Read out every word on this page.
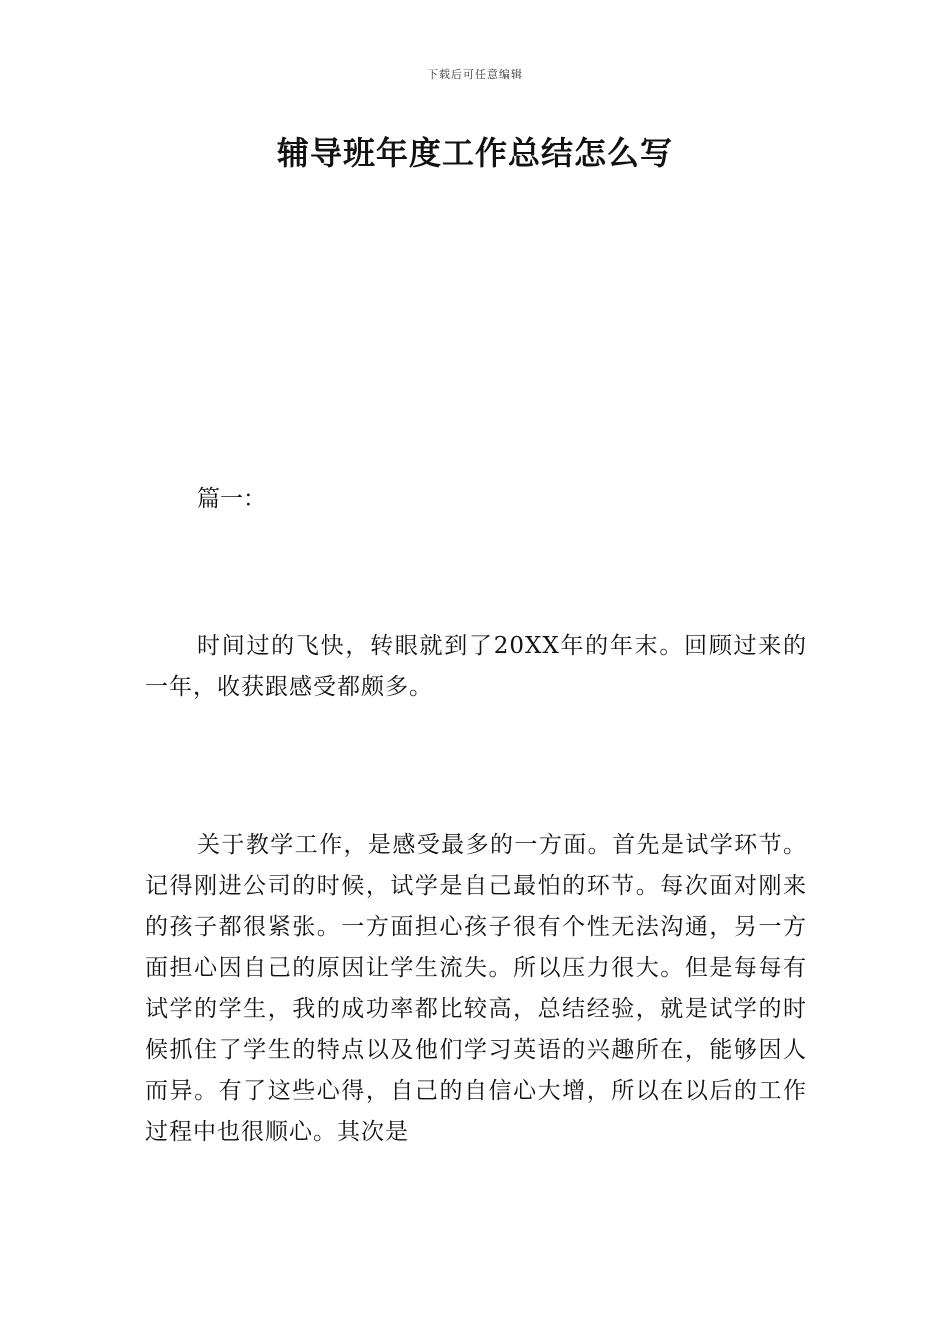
下载后可任意编辑
辅导班年度工作总结怎么写
篇一：

时间过的飞快，转眼就到了20XX年的年末。回顾过来的一年，收获跟感受都颇多。

关于教学工作，是感受最多的一方面。首先是试学环节。记得刚进公司的时候，试学是自己最怕的环节。每次面对刚来的孩子都很紧张。一方面担心孩子很有个性无法沟通，另一方面担心因自己的原因让学生流失。所以压力很大。但是每每有试学的学生，我的成功率都比较高，总结经验，就是试学的时候抓住了学生的特点以及他们学习英语的兴趣所在，能够因人而异。有了这些心得，自己的自信心大增，所以在以后的工作过程中也很顺心。其次是
